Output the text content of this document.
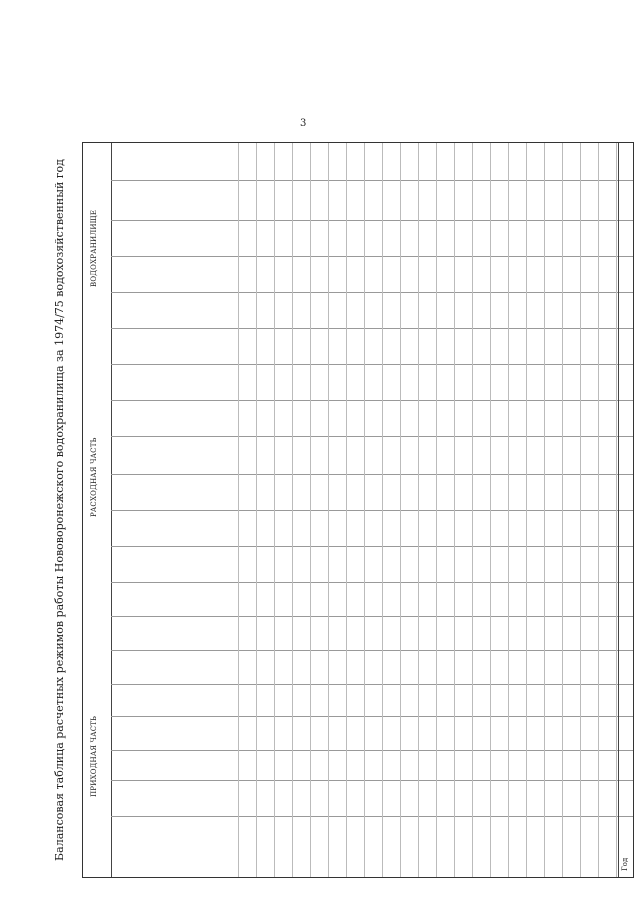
3
Балансовая таблица расчетных режимов работы Нововоронежского водохранилища за 1974/75 водохозяйственный год	ПРИХОДНАЯ ЧАСТЬ
РАСХОДНАЯ ЧАСТЬ
ВОДОХРАНИЛИЩЕ
Год
